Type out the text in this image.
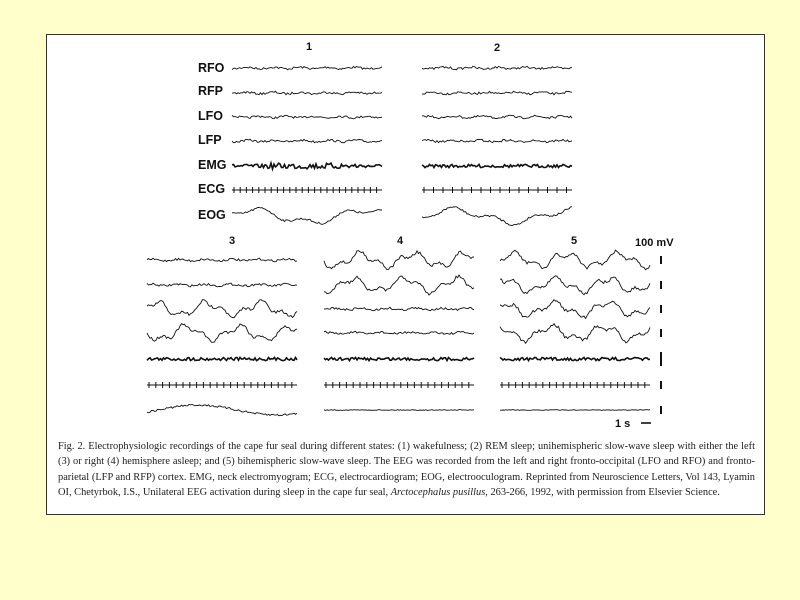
1	2
3	4	5
RFO
RFP
LFO
LFP
EMG
ECG
EOG
100 mV
1 s

Fig. 2. Electrophysiologic recordings of the cape fur seal during different states: (1) wakefulness; (2) REM sleep; unihemispheric slow-wave sleep with either the left (3) or right (4) hemisphere asleep; and (5) bihemispheric slow-wave sleep. The EEG was recorded from the left and right fronto-occipital (LFO and RFO) and fronto-parietal (LFP and RFP) cortex. EMG, neck electromyogram; ECG, electrocardiogram; EOG, electrooculogram. Reprinted from Neuroscience Letters, Vol 143, Lyamin OI, Chetyrbok, I.S., Unilateral EEG activation during sleep in the cape fur seal, Arctocephalus pusillus, 263-266, 1992, with permission from Elsevier Science.
